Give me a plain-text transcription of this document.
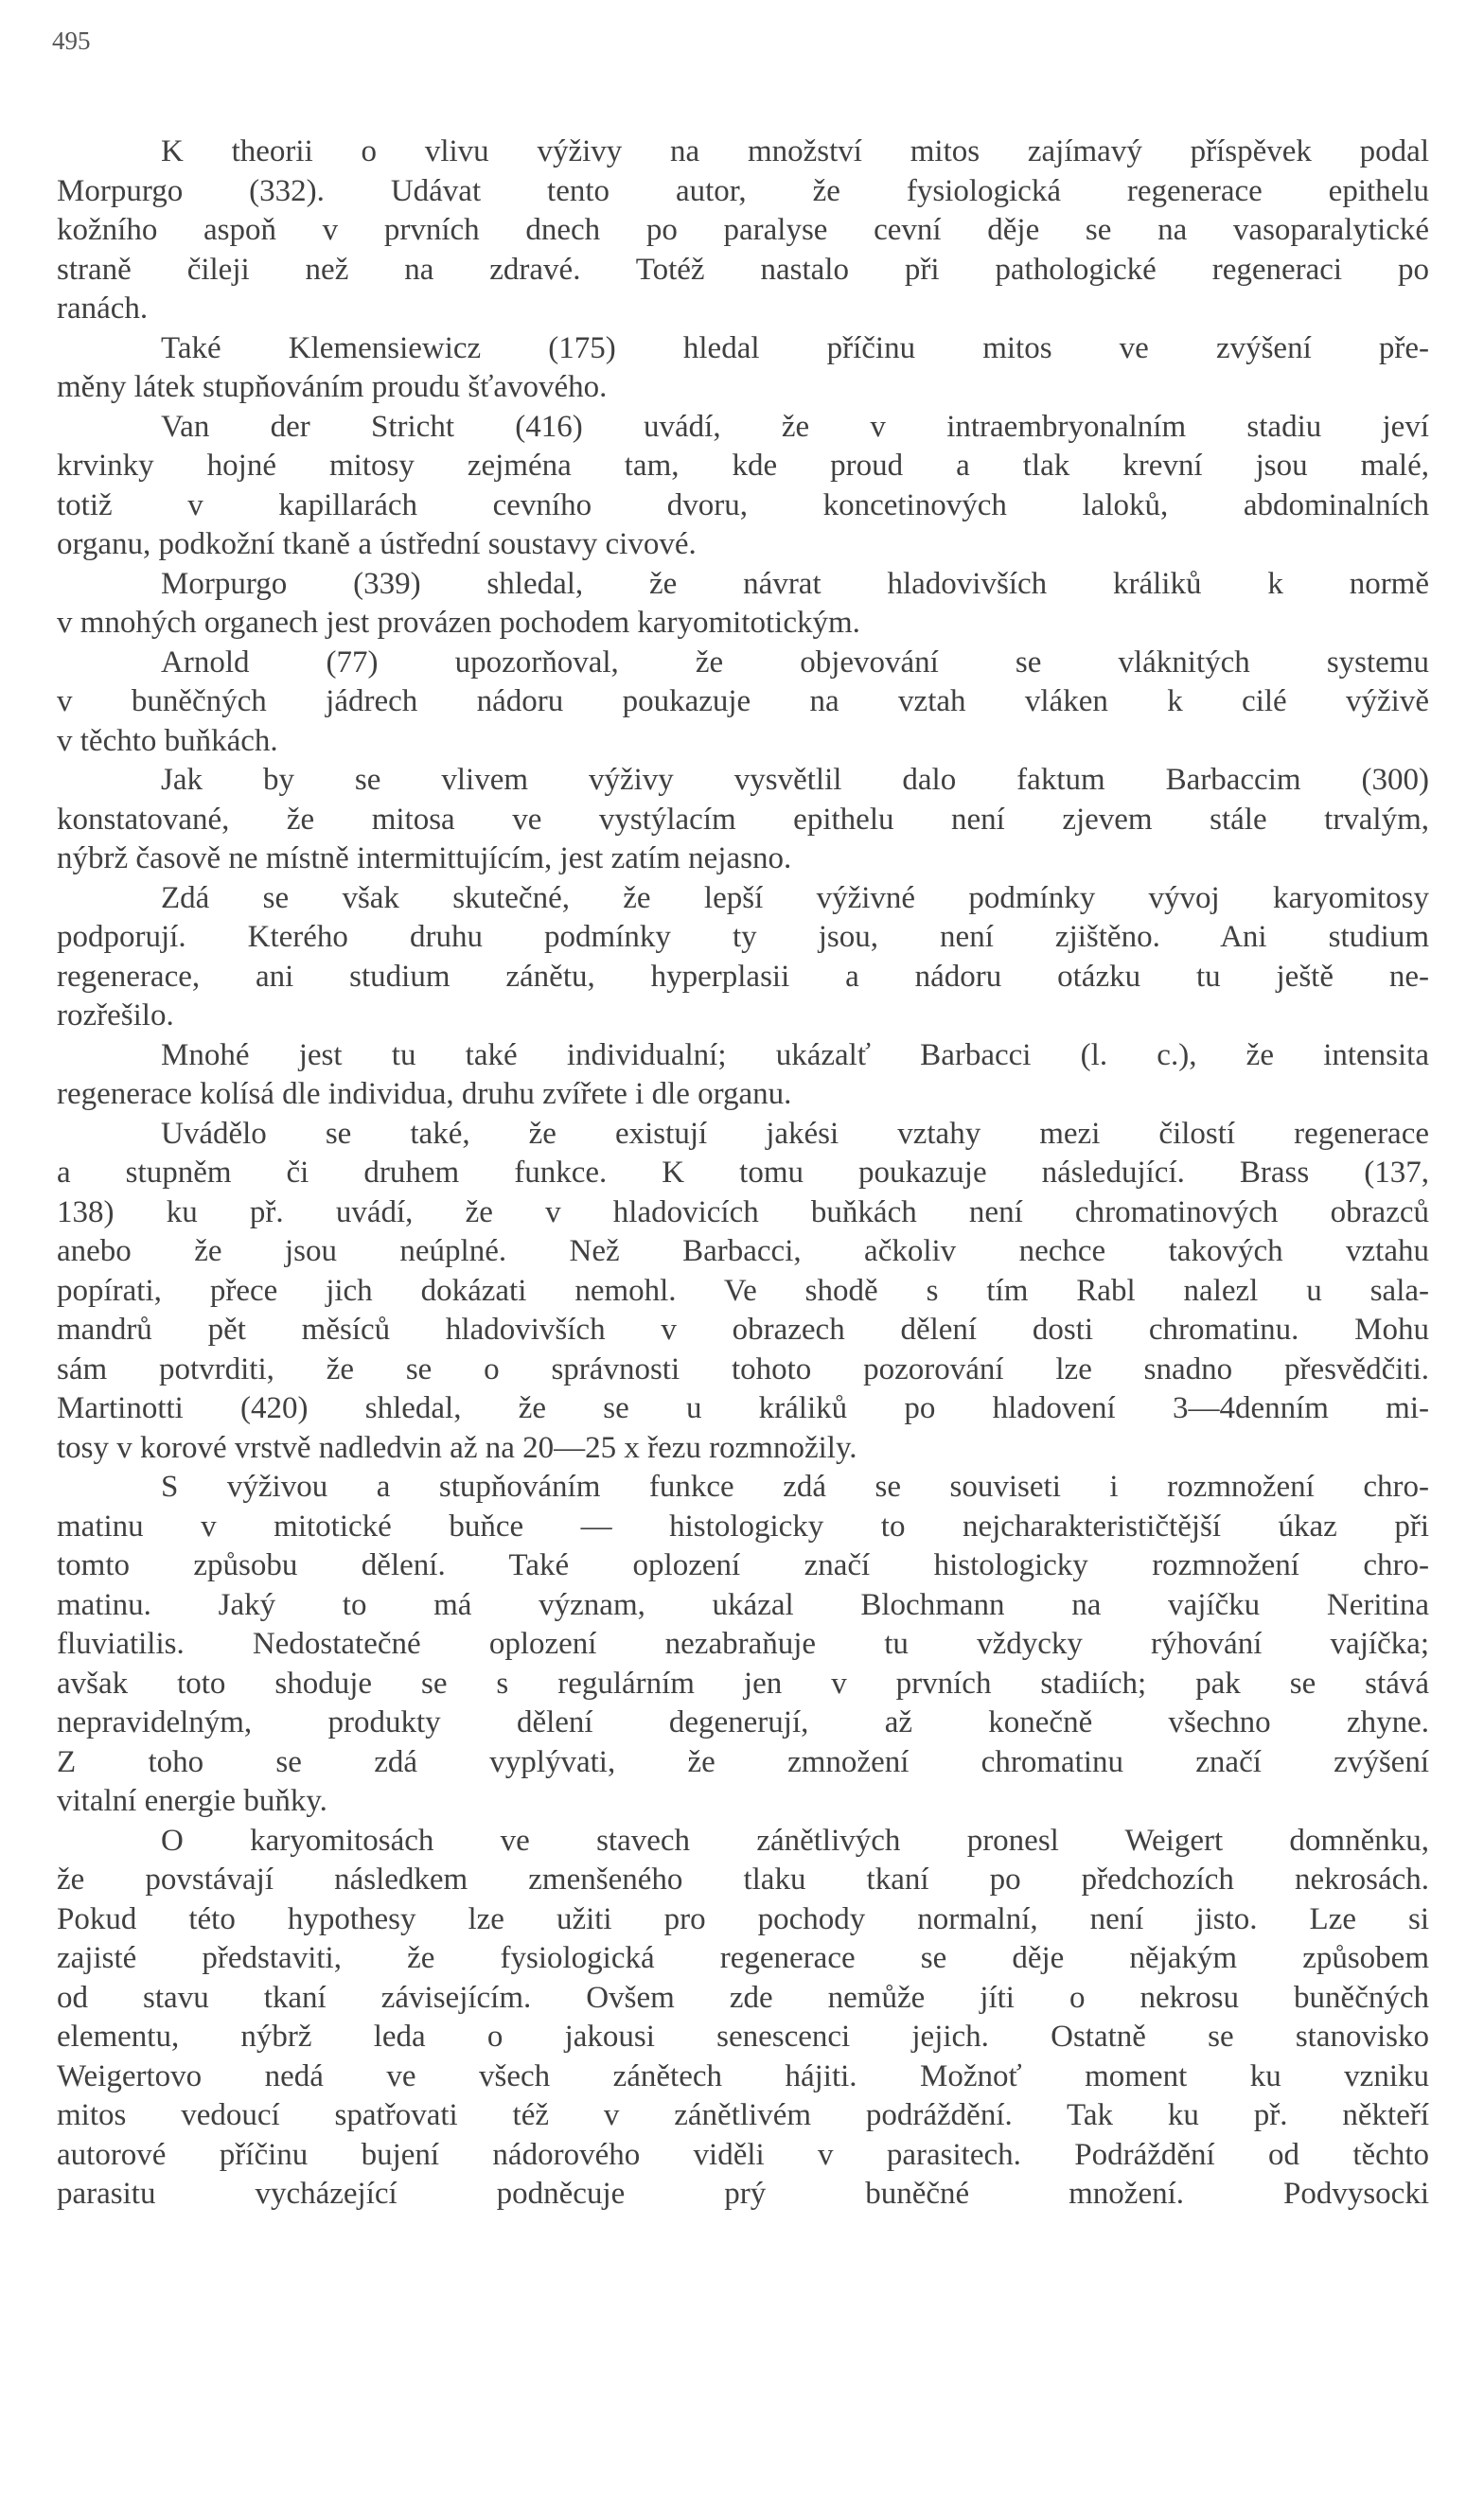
495
K theorii o vlivu výživy na množství mitos zajímavý příspěvek podal
Morpurgo (332). Udávat tento autor, že fysiologická regenerace epithelu
kožního aspoň v prvních dnech po paralyse cevní děje se na vasoparalytické
straně čileji než na zdravé. Totéž nastalo při pathologické regeneraci po
ranách.
Také Klemensiewicz (175) hledal příčinu mitos ve zvýšení pře-
měny látek stupňováním proudu šťavového.
Van der Stricht (416) uvádí, že v intraembryonalním stadiu jeví
krvinky hojné mitosy zejména tam, kde proud a tlak krevní jsou malé,
totiž v kapillarách cevního dvoru, koncetinových laloků, abdominalních
organu, podkožní tkaně a ústřední soustavy civové.
Morpurgo (339) shledal, že návrat hladovivších králiků k normě
v mnohých organech jest provázen pochodem karyomitotickým.
Arnold (77) upozorňoval, že objevování se vláknitých systemu
v buněčných jádrech nádoru poukazuje na vztah vláken k cilé výživě
v těchto buňkách.
Jak by se vlivem výživy vysvětlil dalo faktum Barbaccim (300)
konstatované, že mitosa ve vystýlacím epithelu není zjevem stále trvalým,
nýbrž časově ne místně intermittujícím, jest zatím nejasno.
Zdá se však skutečné, že lepší výživné podmínky vývoj karyomitosy
podporují. Kterého druhu podmínky ty jsou, není zjištěno. Ani studium
regenerace, ani studium zánětu, hyperplasii a nádoru otázku tu ještě ne-
rozřešilo.
Mnohé jest tu také individualní; ukázalť Barbacci (l. c.), že intensita
regenerace kolísá dle individua, druhu zvířete i dle organu.
Uvádělo se také, že existují jakési vztahy mezi čilostí regenerace
a stupněm či druhem funkce. K tomu poukazuje následující. Brass (137,
138) ku př. uvádí, že v hladovicích buňkách není chromatinových obrazců
anebo že jsou neúplné. Než Barbacci, ačkoliv nechce takových vztahu
popírati, přece jich dokázati nemohl. Ve shodě s tím Rabl nalezl u sala-
mandrů pět měsíců hladovivších v obrazech dělení dosti chromatinu. Mohu
sám potvrditi, že se o správnosti tohoto pozorování lze snadno přesvědčiti.
Martinotti (420) shledal, že se u králiků po hladovení 3—4denním mi-
tosy v korové vrstvě nadledvin až na 20—25 x řezu rozmnožily.
S výživou a stupňováním funkce zdá se souviseti i rozmnožení chro-
matinu v mitotické buňce — histologicky to nejcharakterističtější úkaz při
tomto způsobu dělení. Také oplození značí histologicky rozmnožení chro-
matinu. Jaký to má význam, ukázal Blochmann na vajíčku Neritina
fluviatilis. Nedostatečné oplození nezabraňuje tu vždycky rýhování vajíčka;
avšak toto shoduje se s regulárním jen v prvních stadiích; pak se stává
nepravidelným, produkty dělení degenerují, až konečně všechno zhyne.
Z toho se zdá vyplývati, že zmnožení chromatinu značí zvýšení
vitalní energie buňky.
O karyomitosách ve stavech zánětlivých pronesl Weigert domněnku,
že povstávají následkem zmenšeného tlaku tkaní po předchozích nekrosách.
Pokud této hypothesy lze užiti pro pochody normalní, není jisto. Lze si
zajisté představiti, že fysiologická regenerace se děje nějakým způsobem
od stavu tkaní závisejícím. Ovšem zde nemůže jíti o nekrosu buněčných
elementu, nýbrž leda o jakousi senescenci jejich. Ostatně se stanovisko
Weigertovo nedá ve všech zánětech hájiti. Možnoť moment ku vzniku
mitos vedoucí spatřovati též v zánětlivém podráždění. Tak ku př. někteří
autorové příčinu bujení nádorového viděli v parasitech. Podráždění od těchto
parasitu vycházející podněcuje prý buněčné množení. Podvysocki
